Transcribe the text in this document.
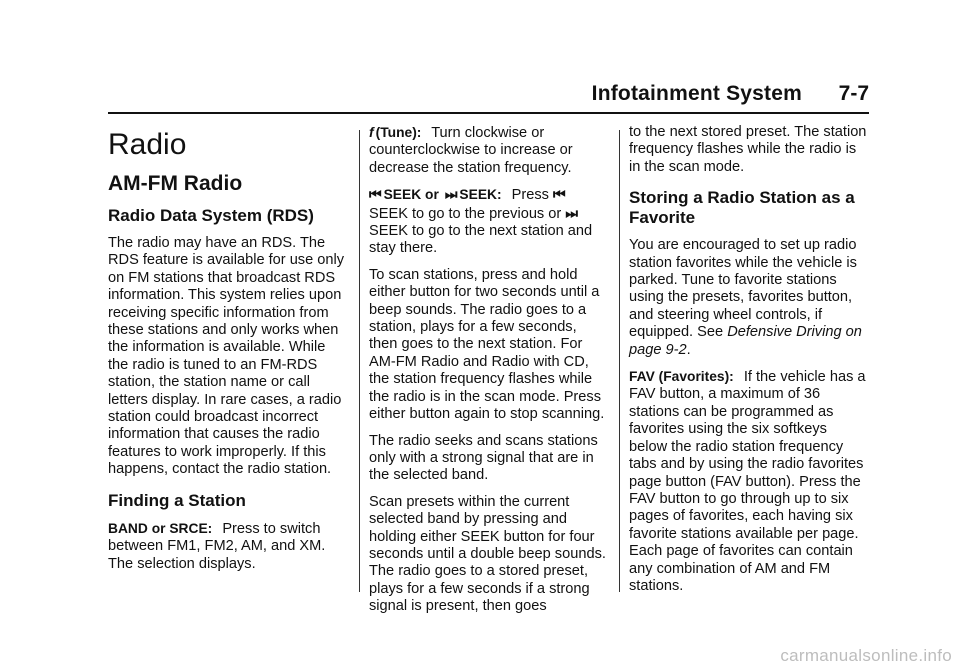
Infotainment System 7-7
Radio
AM-FM Radio
Radio Data System (RDS)

The radio may have an RDS. The RDS feature is available for use only on FM stations that broadcast RDS information. This system relies upon receiving specific information from these stations and only works when the information is available. While the radio is tuned to an FM-RDS station, the station name or call letters display. In rare cases, a radio station could broadcast incorrect information that causes the radio features to work improperly. If this happens, contact the radio station.

Finding a Station

BAND or SRCE: Press to switch between FM1, FM2, AM, and XM. The selection displays.

f (Tune): Turn clockwise or counterclockwise to increase or decrease the station frequency.

⏮ SEEK or ⏭ SEEK: Press ⏮ SEEK to go to the previous or ⏭ SEEK to go to the next station and stay there.

To scan stations, press and hold either button for two seconds until a beep sounds. The radio goes to a station, plays for a few seconds, then goes to the next station. For AM-FM Radio and Radio with CD, the station frequency flashes while the radio is in the scan mode. Press either button again to stop scanning.

The radio seeks and scans stations only with a strong signal that are in the selected band.

Scan presets within the current selected band by pressing and holding either SEEK button for four seconds until a double beep sounds. The radio goes to a stored preset, plays for a few seconds if a strong signal is present, then goes

to the next stored preset. The station frequency flashes while the radio is in the scan mode.

Storing a Radio Station as a Favorite

You are encouraged to set up radio station favorites while the vehicle is parked. Tune to favorite stations using the presets, favorites button, and steering wheel controls, if equipped. See Defensive Driving on page 9-2.

FAV (Favorites): If the vehicle has a FAV button, a maximum of 36 stations can be programmed as favorites using the six softkeys below the radio station frequency tabs and by using the radio favorites page button (FAV button). Press the FAV button to go through up to six pages of favorites, each having six favorite stations available per page. Each page of favorites can contain any combination of AM and FM stations.

carmanualsonline.info
